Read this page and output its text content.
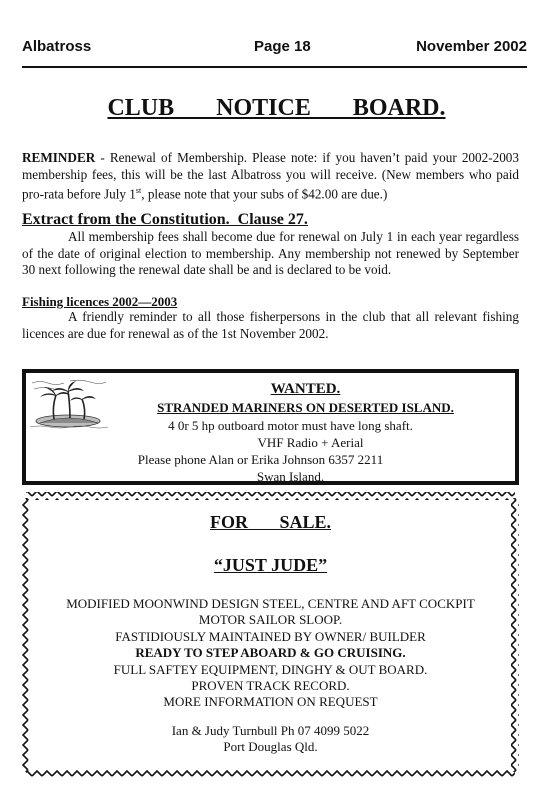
Albatross	Page 18	November 2002
CLUB   NOTICE   BOARD.
REMINDER - Renewal of Membership. Please note: if you haven’t paid your 2002-2003 membership fees, this will be the last Albatross you will receive. (New members who paid pro-rata before July 1st, please note that your subs of $42.00 are due.)
Extract from the Constitution.  Clause 27.
All membership fees shall become due for renewal on July 1 in each year regardless of the date of original election to membership. Any membership not renewed by September 30 next following the renewal date shall be and is declared to be void.
Fishing licences 2002—2003
A friendly reminder to all those fisherpersons in the club that all relevant fishing licences are due for renewal as of the 1st November 2002.
WANTED.
STRANDED MARINERS ON DESERTED ISLAND.
4 0r 5 hp outboard motor must have long shaft.
VHF Radio + Aerial
Please phone Alan or Erika Johnson 6357 2211
Swan Island.
FOR   SALE.
“JUST JUDE”
MODIFIED MOONWIND DESIGN STEEL, CENTRE AND AFT COCKPIT
MOTOR SAILOR SLOOP.
FASTIDIOUSLY MAINTAINED BY OWNER/ BUILDER
READY TO STEP ABOARD & GO CRUISING.
FULL SAFTEY EQUIPMENT, DINGHY & OUT BOARD.
PROVEN TRACK RECORD.
MORE INFORMATION ON REQUEST
Ian & Judy Turnbull Ph 07 4099 5022
Port Douglas Qld.
